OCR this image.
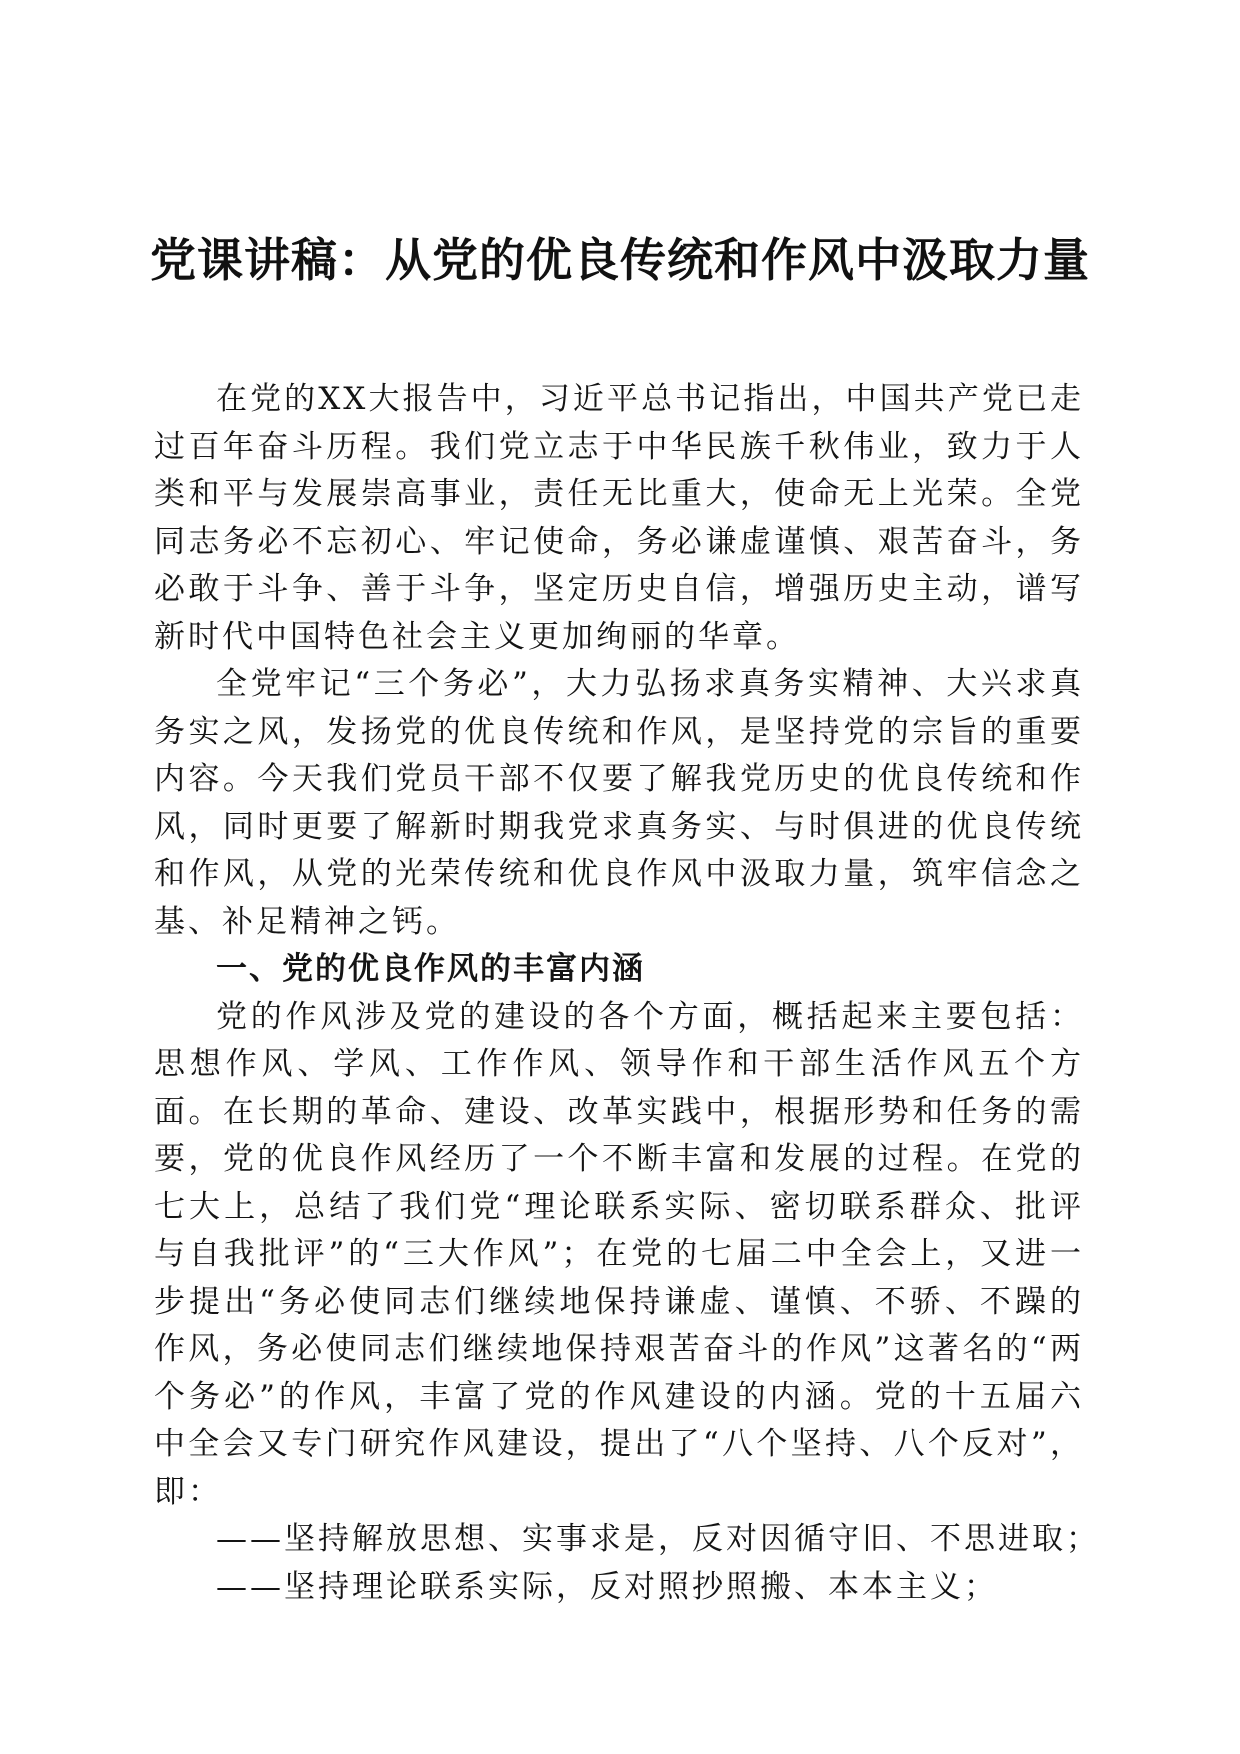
党课讲稿：从党的优良传统和作风中汲取力量

在党的XX大报告中，习近平总书记指出，中国共产党已走过百年奋斗历程。我们党立志于中华民族千秋伟业，致力于人类和平与发展崇高事业，责任无比重大，使命无上光荣。全党同志务必不忘初心、牢记使命，务必谦虚谨慎、艰苦奋斗，务必敢于斗争、善于斗争，坚定历史自信，增强历史主动，谱写新时代中国特色社会主义更加绚丽的华章。

全党牢记“三个务必”，大力弘扬求真务实精神、大兴求真务实之风，发扬党的优良传统和作风，是坚持党的宗旨的重要内容。今天我们党员干部不仅要了解我党历史的优良传统和作风，同时更要了解新时期我党求真务实、与时俱进的优良传统和作风，从党的光荣传统和优良作风中汲取力量，筑牢信念之基、补足精神之钙。

一、党的优良作风的丰富内涵

党的作风涉及党的建设的各个方面，概括起来主要包括：思想作风、学风、工作作风、领导作和干部生活作风五个方面。在长期的革命、建设、改革实践中，根据形势和任务的需要，党的优良作风经历了一个不断丰富和发展的过程。在党的七大上，总结了我们党“理论联系实际、密切联系群众、批评与自我批评”的“三大作风”；在党的七届二中全会上，又进一步提出“务必使同志们继续地保持谦虚、谨慎、不骄、不躁的作风，务必使同志们继续地保持艰苦奋斗的作风”这著名的“两个务必”的作风，丰富了党的作风建设的内涵。党的十五届六中全会又专门研究作风建设，提出了“八个坚持、八个反对”，即：

——坚持解放思想、实事求是，反对因循守旧、不思进取；

——坚持理论联系实际，反对照抄照搬、本本主义；
